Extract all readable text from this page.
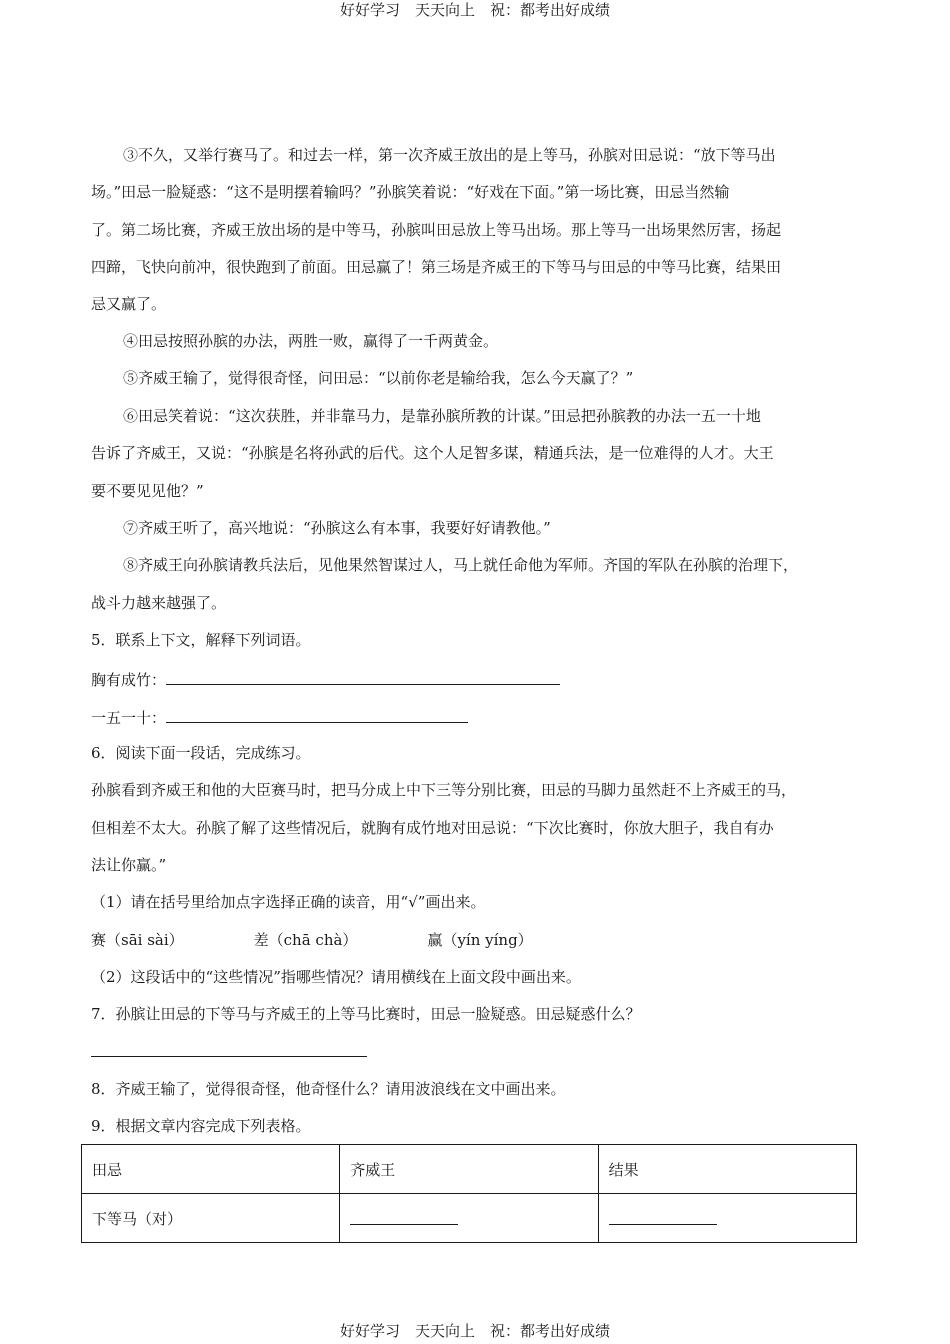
好好学习　天天向上　祝：都考出好成绩
③不久，又举行赛马了。和过去一样，第一次齐威王放出的是上等马，孙膑对田忌说：“放下等马出
场。”田忌一脸疑惑：“这不是明摆着输吗？”孙膑笑着说：“好戏在下面。”第一场比赛，田忌当然输
了。第二场比赛，齐威王放出场的是中等马，孙膑叫田忌放上等马出场。那上等马一出场果然厉害，扬起
四蹄，飞快向前冲，很快跑到了前面。田忌赢了！第三场是齐威王的下等马与田忌的中等马比赛，结果田
忌又赢了。
④田忌按照孙膑的办法，两胜一败，赢得了一千两黄金。
⑤齐威王输了，觉得很奇怪，问田忌：“以前你老是输给我，怎么今天赢了？”
⑥田忌笑着说：“这次获胜，并非靠马力，是靠孙膑所教的计谋。”田忌把孙膑教的办法一五一十地
告诉了齐威王，又说：“孙膑是名将孙武的后代。这个人足智多谋，精通兵法，是一位难得的人才。大王
要不要见见他？”
⑦齐威王听了，高兴地说：“孙膑这么有本事，我要好好请教他。”
⑧齐威王向孙膑请教兵法后，见他果然智谋过人，马上就任命他为军师。齐国的军队在孙膑的治理下，
战斗力越来越强了。
5．联系上下文，解释下列词语。
胸有成竹：
一五一十：
6．阅读下面一段话，完成练习。
孙膑看到齐威王和他的大臣赛马时，把马分成上中下三等分别比赛，田忌的马脚力虽然赶不上齐威王的马，
但相差不太大。孙膑了解了这些情况后，就胸有成竹地对田忌说：“下次比赛时，你放大胆子，我自有办
法让你赢。”
（1）请在括号里给加点字选择正确的读音，用“√”画出来。
赛（sāi sài）	差（chā chà）	赢（yín yíng）
（2）这段话中的“这些情况”指哪些情况？请用横线在上面文段中画出来。
7．孙膑让田忌的下等马与齐威王的上等马比赛时，田忌一脸疑惑。田忌疑惑什么？
8．齐威王输了，觉得很奇怪，他奇怪什么？请用波浪线在文中画出来。
9．根据文章内容完成下列表格。
田忌	齐威王	结果
下等马（对）		
好好学习　天天向上　祝：都考出好成绩
